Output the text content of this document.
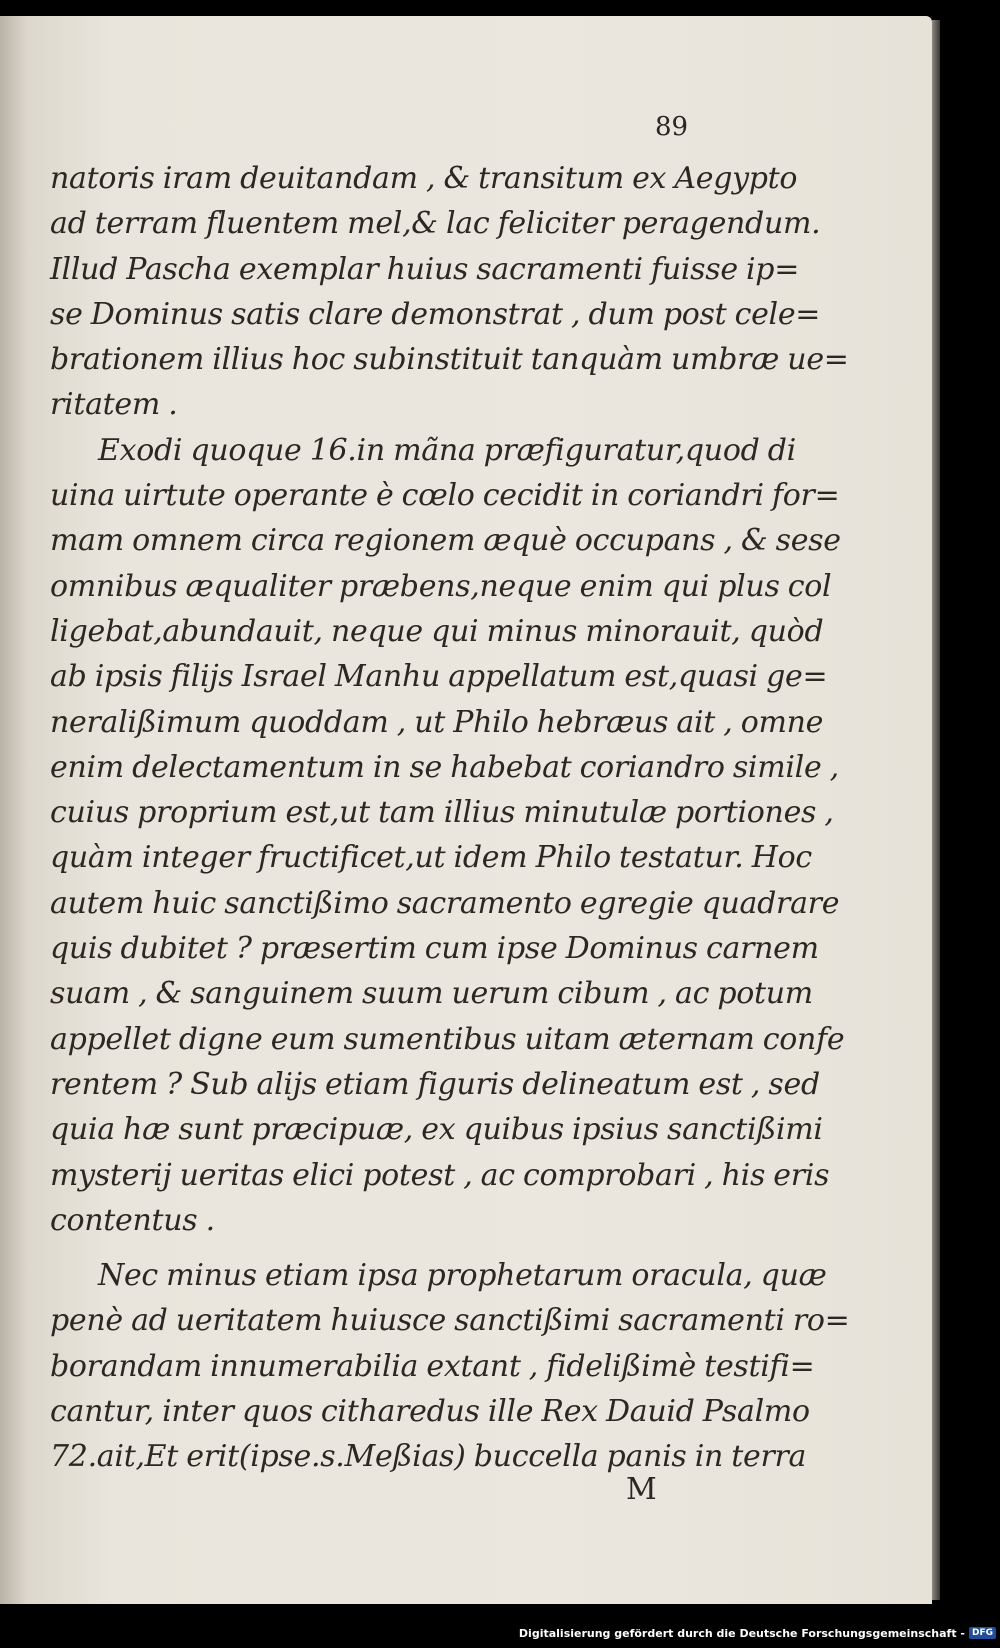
89
natoris iram deuitandam , & transitum ex Aegypto
ad terram fluentem mel,& lac feliciter peragendum.
Illud Pascha exemplar huius sacramenti fuisse ip=
se Dominus satis clare demonstrat , dum post cele=
brationem illius hoc subinstituit tanquàm umbræ ue=
ritatem .
Exodi quoque 16.in mãna præfiguratur,quod di
uina uirtute operante è cœlo cecidit in coriandri for=
mam omnem circa regionem æquè occupans , & sese
omnibus æqualiter præbens,neque enim qui plus col
ligebat,abundauit, neque qui minus minorauit, quòd
ab ipsis filijs Israel Manhu appellatum est,quasi ge=
neralißimum quoddam , ut Philo hebræus ait , omne
enim delectamentum in se habebat coriandro simile ,
cuius proprium est,ut tam illius minutulæ portiones ,
quàm integer fructificet,ut idem Philo testatur. Hoc
autem huic sanctißimo sacramento egregie quadrare
quis dubitet ? præsertim cum ipse Dominus carnem
suam , & sanguinem suum uerum cibum , ac potum
appellet digne eum sumentibus uitam æternam confe
rentem ? Sub alijs etiam figuris delineatum est , sed
quia hæ sunt præcipuæ, ex quibus ipsius sanctißimi
mysterij ueritas elici potest , ac comprobari , his eris
contentus .
Nec minus etiam ipsa prophetarum oracula, quæ
penè ad ueritatem huiusce sanctißimi sacramenti ro=
borandam innumerabilia extant , fidelißimè testifi=
cantur, inter quos citharedus ille Rex Dauid Psalmo
72.ait,Et erit(ipse.s.Meßias) buccella panis in terra
M
Digitalisierung gefördert durch die Deutsche Forschungsgemeinschaft - DFG
